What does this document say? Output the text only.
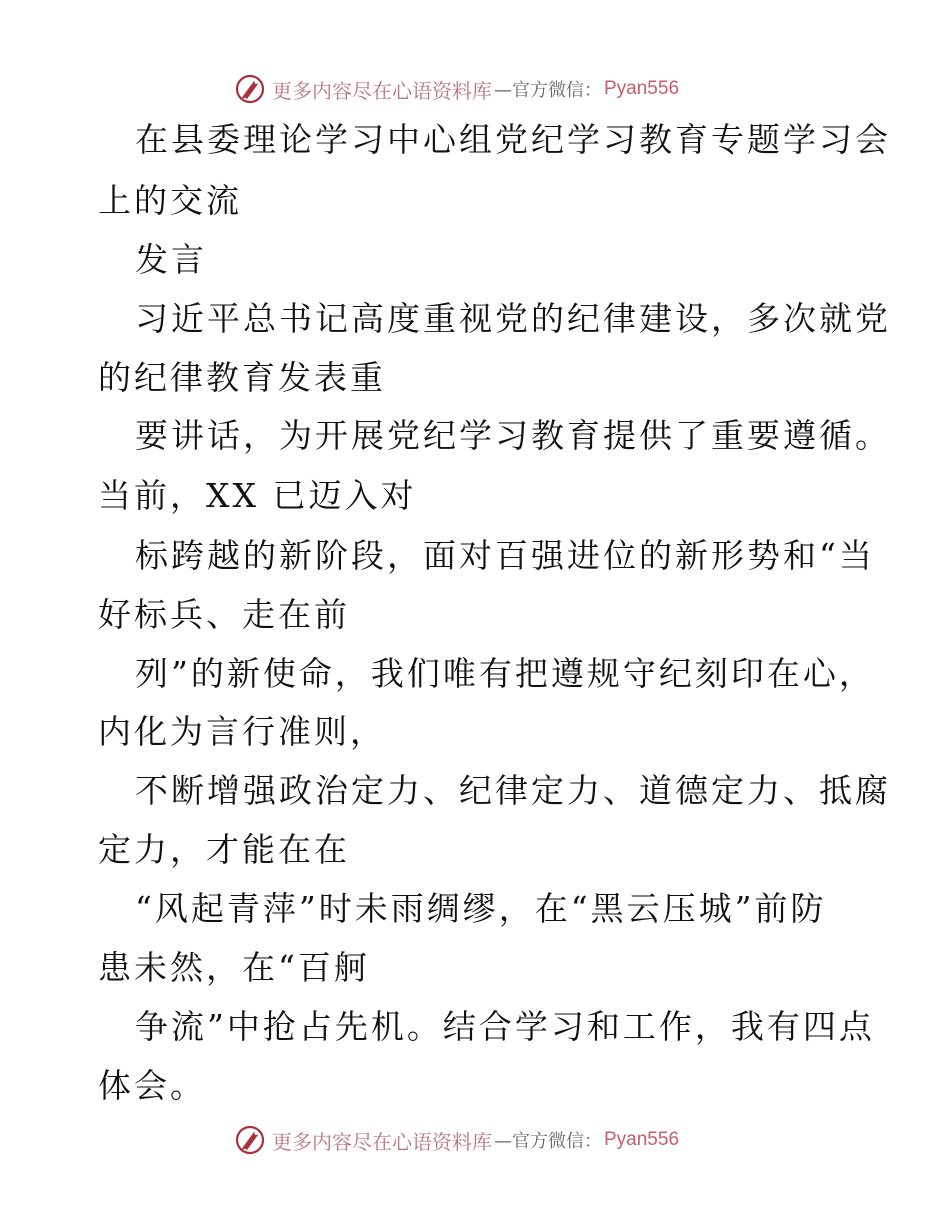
更多内容尽在心语资料库 —官方微信： Pyan556
在县委理论学习中心组党纪学习教育专题学习会
上的交流
发言
习近平总书记高度重视党的纪律建设，多次就党
的纪律教育发表重
要讲话，为开展党纪学习教育提供了重要遵循。
当前，XX 已迈入对
标跨越的新阶段，面对百强进位的新形势和“当
好标兵、走在前
列”的新使命，我们唯有把遵规守纪刻印在心，
内化为言行准则，
不断增强政治定力、纪律定力、道德定力、抵腐
定力，才能在在
“风起青萍”时未雨绸缪，在“黑云压城”前防
患未然，在“百舸
争流”中抢占先机。结合学习和工作，我有四点
体会。
更多内容尽在心语资料库 —官方微信： Pyan556
